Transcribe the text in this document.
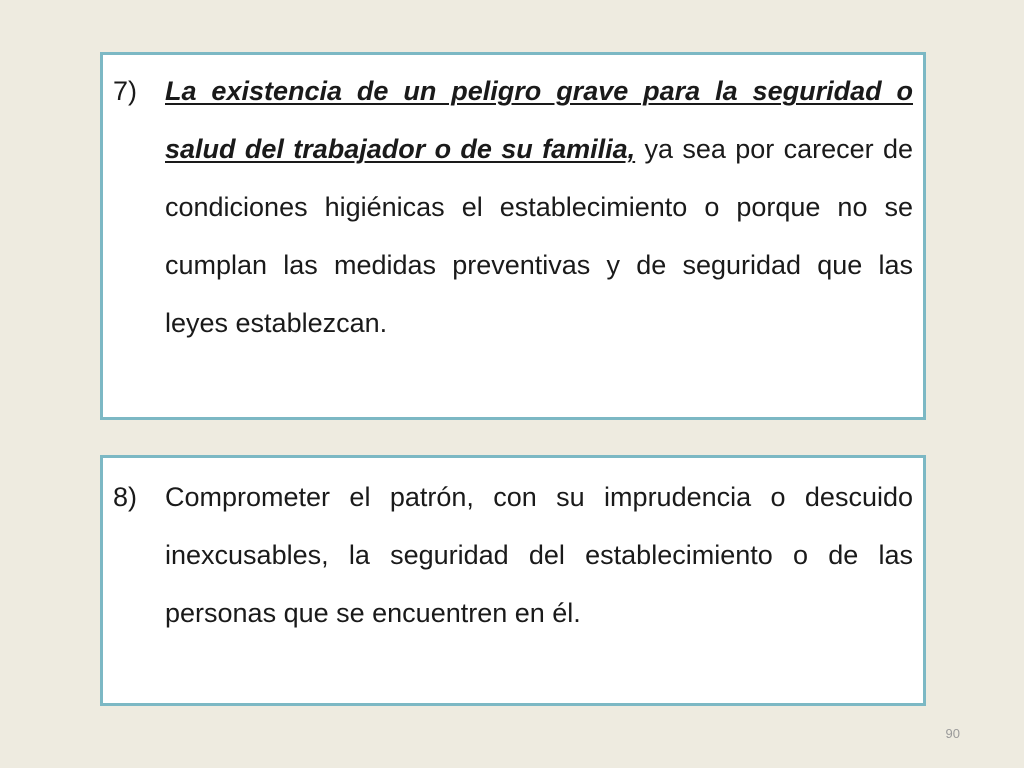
7)	La existencia de un peligro grave para la seguridad o salud del trabajador o de su familia, ya sea por carecer de condiciones higiénicas el establecimiento o porque no se cumplan las medidas preventivas y de seguridad que las leyes establezcan.
8)	Comprometer el patrón, con su imprudencia o descuido inexcusables, la seguridad del establecimiento o de las personas que se encuentren en él.
90
